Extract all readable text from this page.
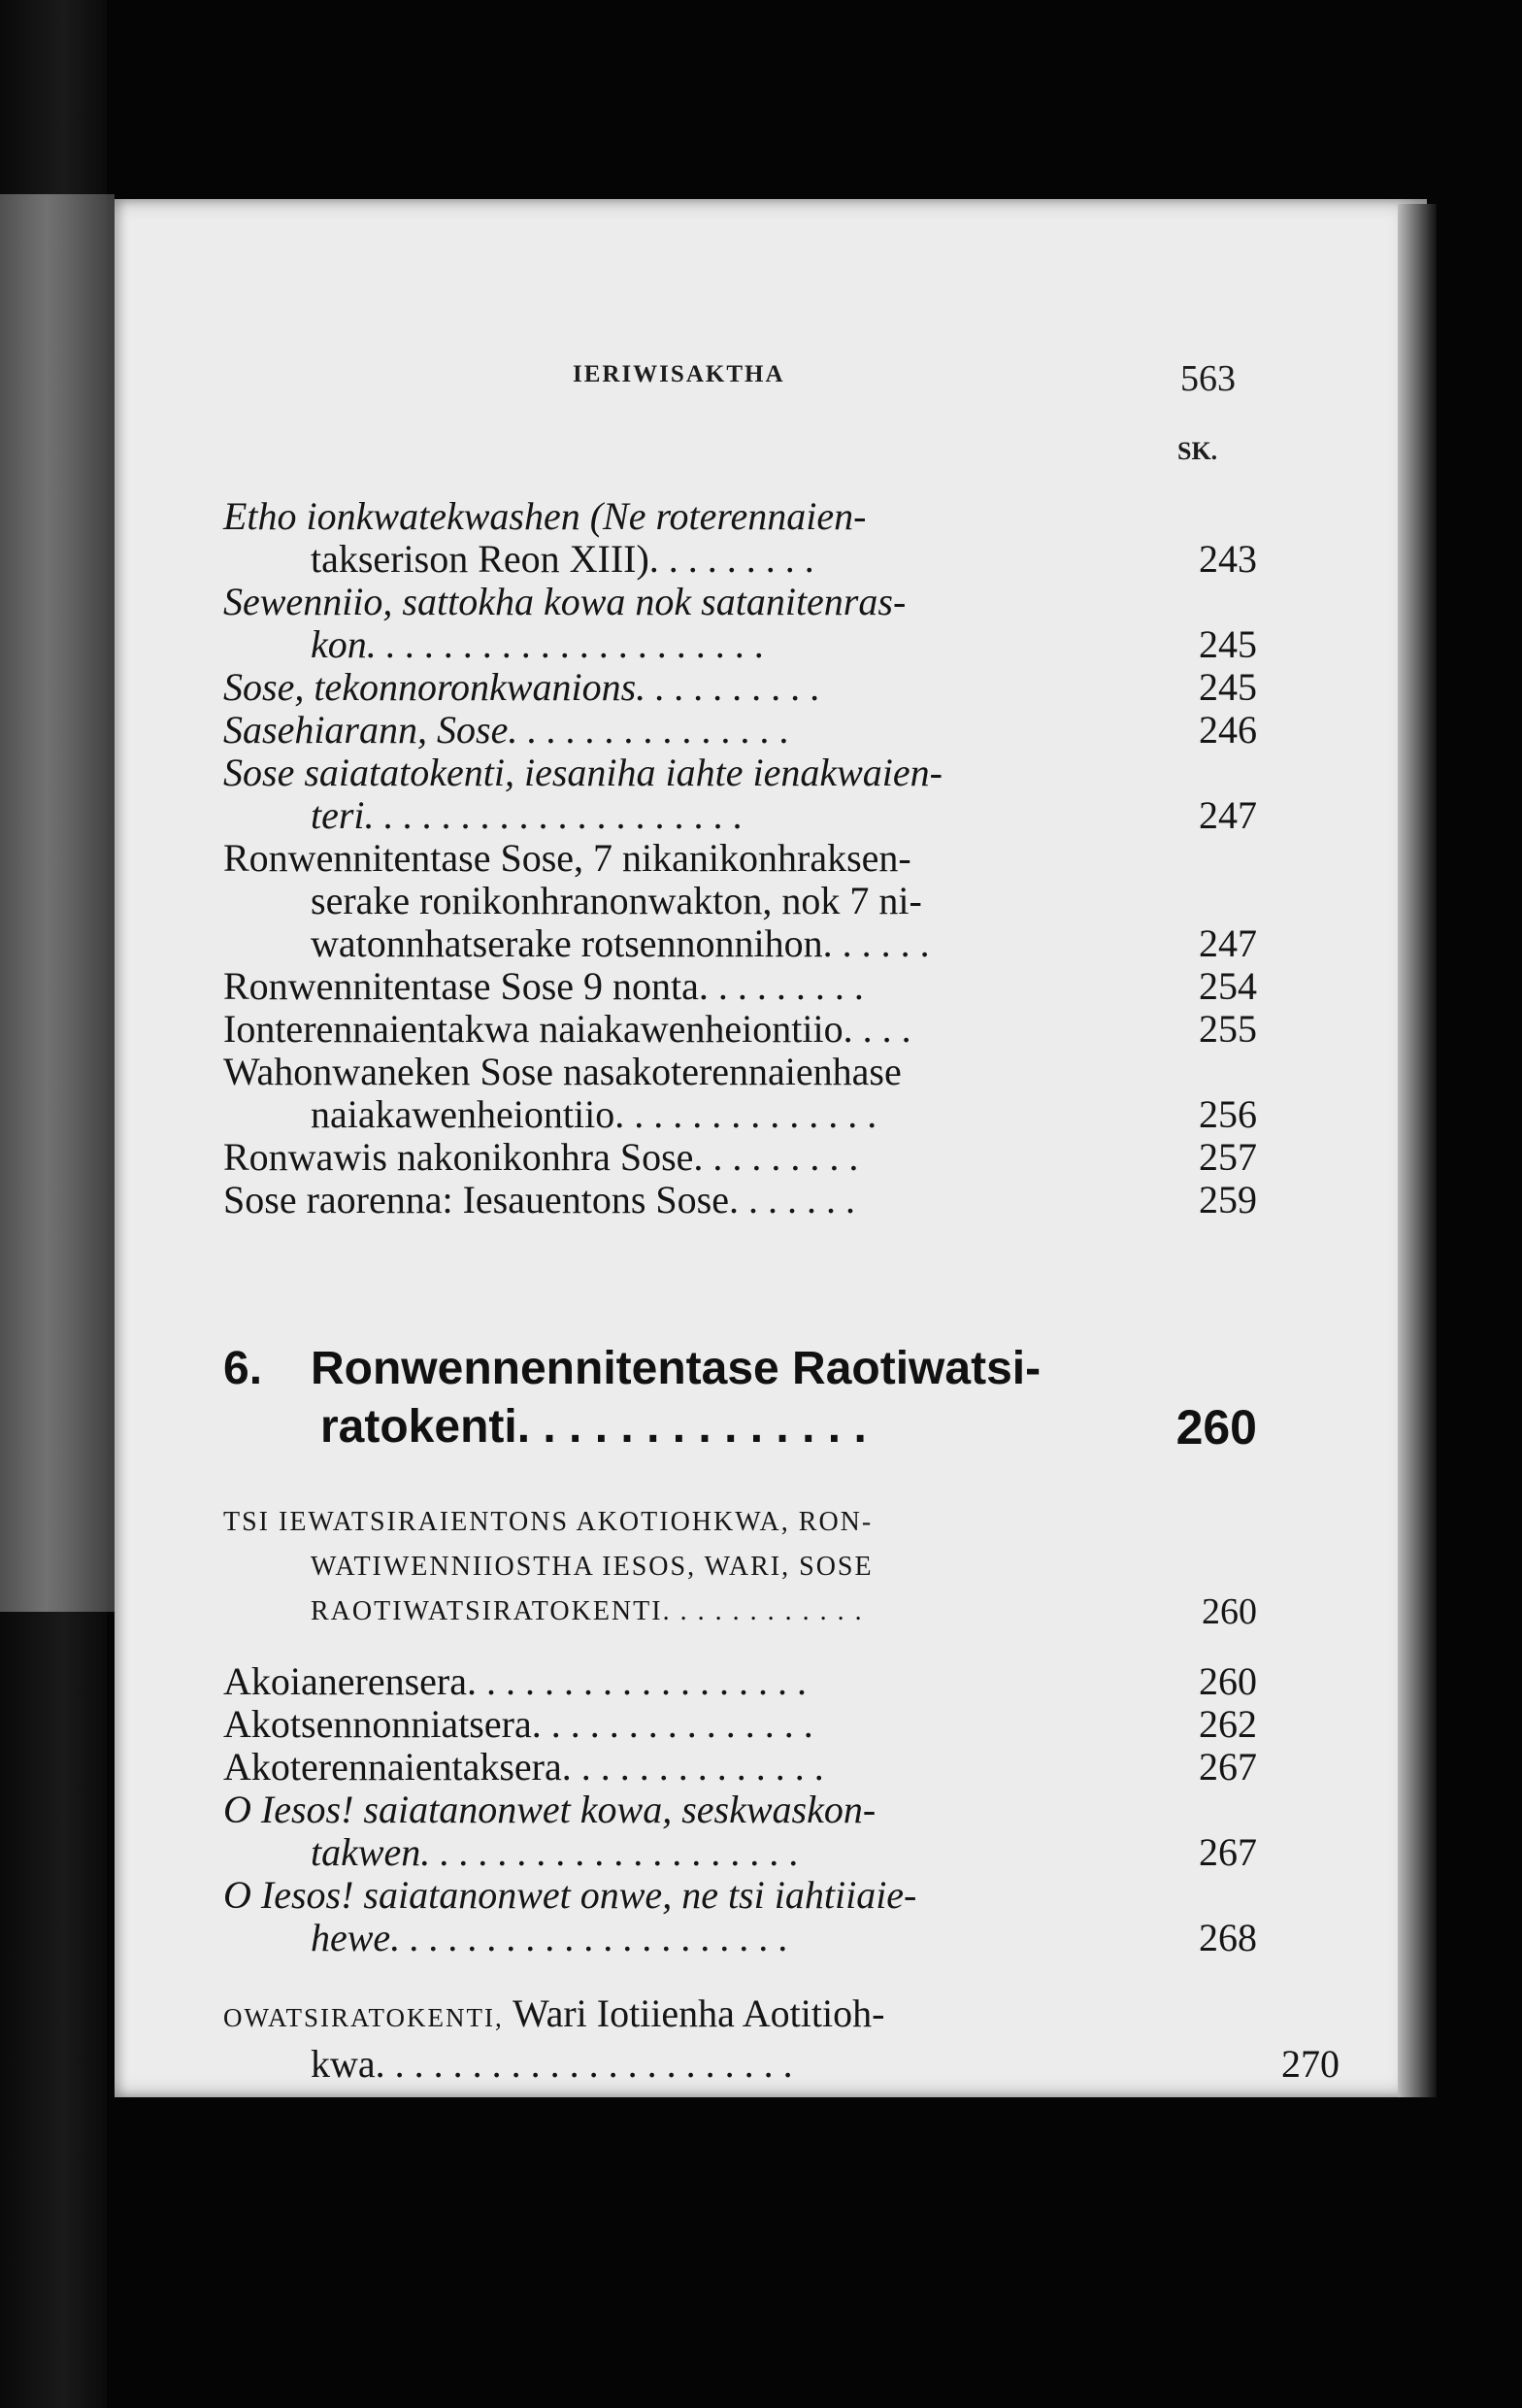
IERIWISAKTHA	563
SK.
Etho ionkwatekwashen (Ne roterennaien-
takserison Reon XIII). . . . . . . . .	243
Sewenniio, sattokha kowa nok satanitenras-
kon. . . . . . . . . . . . . . . . . . . . .	245
Sose, tekonnoronkwanions. . . . . . . . . .	245
Sasehiarann, Sose. . . . . . . . . . . . . . .	246
Sose saiatatokenti, iesaniha iahte ienakwaien-
teri. . . . . . . . . . . . . . . . . . . .	247
Ronwennitentase Sose, 7 nikanikonhraksen-
serake ronikonhranonwakton, nok 7 ni-
watonnhatserake rotsennonnihon. . . . . .	247
Ronwennitentase Sose 9 nonta. . . . . . . . .	254
Ionterennaientakwa naiakawenheiontiio. . . .	255
Wahonwaneken Sose nasakoterennaienhase
naiakawenheiontiio. . . . . . . . . . . . . .	256
Ronwawis nakonikonhra Sose. . . . . . . . .	257
Sose raorenna: Iesauentons Sose. . . . . . .	259
6. Ronwennennitentase Raotiwatsi-
ratokenti. . . . . . . . . . . . . .	260
TSI IEWATSIRAIENTONS AKOTIOHKWA, RON-
WATIWENNIIOSTHA IESOS, WARI, SOSE
RAOTIWATSIRATOKENTI. . . . . . . . . . . .	260
Akoianerensera. . . . . . . . . . . . . . . . . .	260
Akotsennonniatsera. . . . . . . . . . . . . . .	262
Akoterennaientaksera. . . . . . . . . . . . . .	267
O Iesos! saiatanonwet kowa, seskwaskon-
takwen. . . . . . . . . . . . . . . . . . . .	267
O Iesos! saiatanonwet onwe, ne tsi iahtiiaie-
hewe. . . . . . . . . . . . . . . . . . . . .	268
OWATSIRATOKENTI, Wari Iotiienha Aotitioh-
kwa. . . . . . . . . . . . . . . . . . . . . .	270
